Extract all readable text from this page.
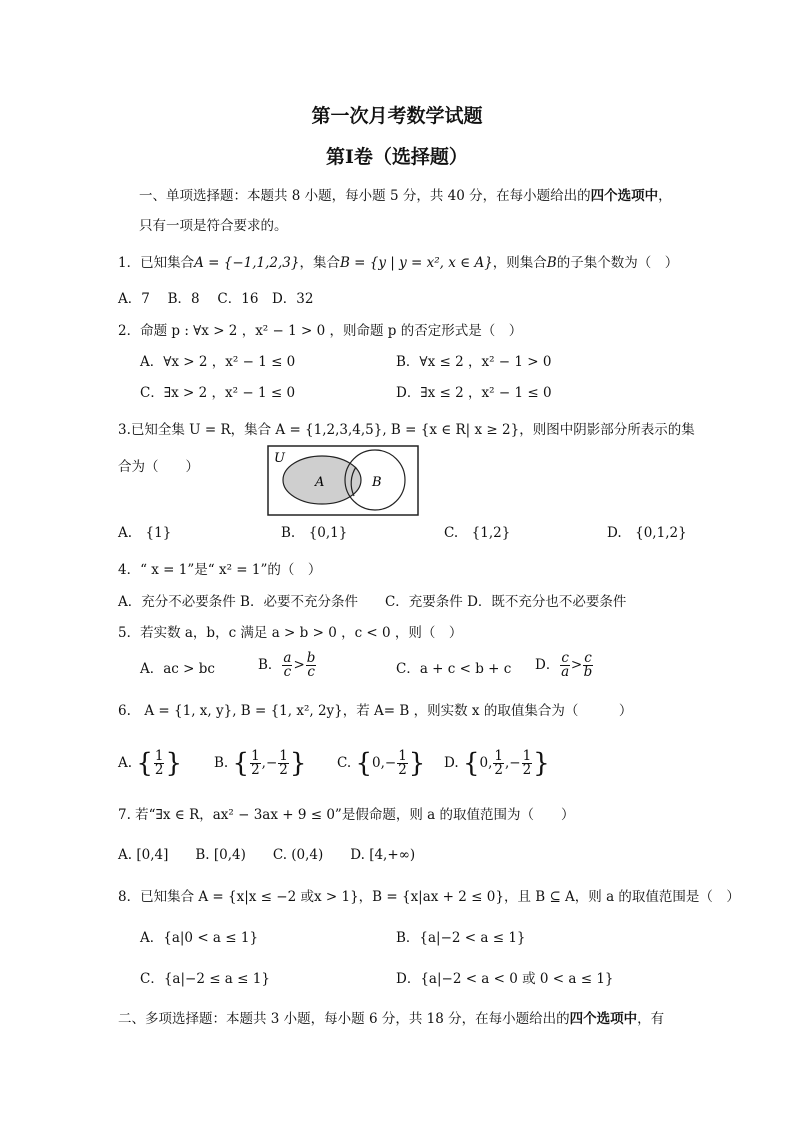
第一次月考数学试题
第Ⅰ卷（选择题）
一、单项选择题：本题共 8 小题，每小题 5 分，共 40 分，在每小题给出的四个选项中，
只有一项是符合要求的。
1．已知集合A = {−1,1,2,3}，集合B = {y | y = x², x ∈ A}，则集合B的子集个数为（　）
A．7　 B．8　 C．16　D．32
2．命题 p : ∀x > 2 ，x² − 1 > 0 ，则命题 p 的否定形式是（　）
A．∀x > 2 ，x² − 1 ≤ 0	B．∀x ≤ 2 ，x² − 1 > 0
C．∃x > 2 ，x² − 1 ≤ 0	D．∃x ≤ 2 ，x² − 1 ≤ 0
3.已知全集 U = R，集合 A = {1,2,3,4,5}, B = {x ∈ R| x ≥ 2}，则图中阴影部分所表示的集
合为（　　）
U
A	B
A.　{1}	B.　{0,1}	C.　{1,2}	D.　{0,1,2}
4．“ x = 1”是“ x² = 1”的（　）
A．充分不必要条件 B．必要不充分条件　　C．充要条件 D．既不充分也不必要条件
5．若实数 a，b，c 满足 a > b > 0 ，c < 0 ，则（　）
A．ac > bc	B． $\frac{a}{c} > \frac{b}{c}$	C．a + c < b + c D． $\frac{c}{a} > \frac{c}{b}$
6.　A = {1, x, y}, B = {1, x², 2y}，若 A= B ，则实数 x 的取值集合为（　　　）
A. { $\frac{1}{2}$ } B. { $\frac{1}{2}$ ,− $\frac{1}{2}$ } C. {$0,- \frac{1}{2}$ } D. {0, $\frac{1}{2}$ ,− $\frac{1}{2}$ }
7. 若“∃x ∈ R，ax² − 3ax + 9 ≤ 0”是假命题，则 a 的取值范围为（　　）
A. [0,4]　　B. [0,4)　　C. (0,4)　　D. [4,+∞)
8．已知集合 A = {x|x ≤ −2 或x > 1}，B = {x|ax + 2 ≤ 0}，且 B ⊆ A，则 a 的取值范围是（　）
A．{a|0 < a ≤ 1}	B．{a|−2 < a ≤ 1}
C．{a|−2 ≤ a ≤ 1}	D．{a|−2 < a < 0 或 0 < a ≤ 1}
二、多项选择题：本题共 3 小题，每小题 6 分，共 18 分，在每小题给出的四个选项中，有
